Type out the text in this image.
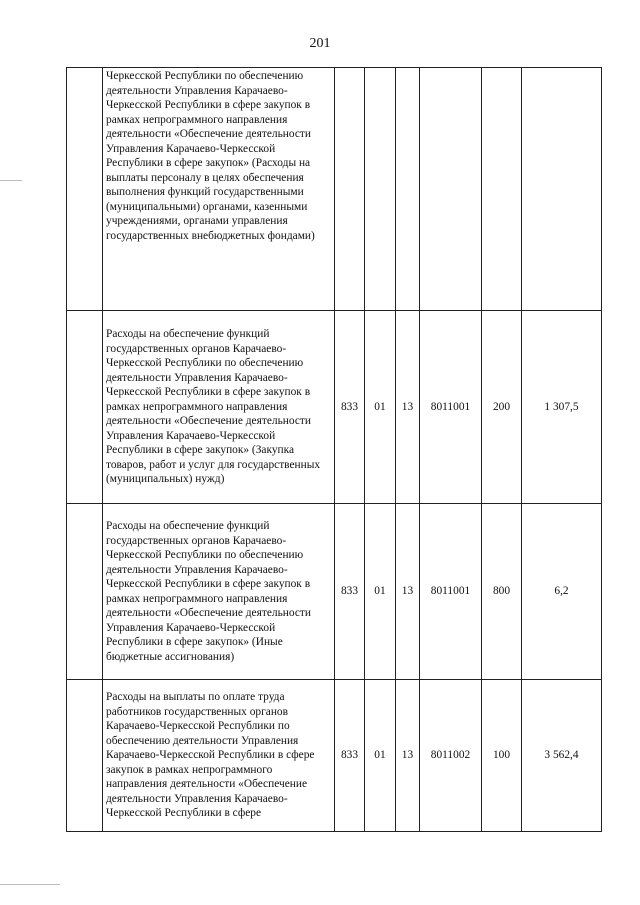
201
	Черкесской Республики по обеспечению деятельности Управления Карачаево-Черкесской Республики в сфере закупок в рамках непрограммного направления деятельности «Обеспечение деятельности Управления Карачаево-Черкесской Республики в сфере закупок» (Расходы на выплаты персоналу в целях обеспечения выполнения функций государственными (муниципальными) органами, казенными учреждениями, органами управления государственных внебюджетных фондами)						
	Расходы на обеспечение функций государственных органов Карачаево-Черкесской Республики по обеспечению деятельности Управления Карачаево-Черкесской Республики в сфере закупок в рамках непрограммного направления деятельности «Обеспечение деятельности Управления Карачаево-Черкесской Республики в сфере закупок» (Закупка товаров, работ и услуг для государственных (муниципальных) нужд)	833	01	13	8011001	200	1 307,5
	Расходы на обеспечение функций государственных органов Карачаево-Черкесской Республики по обеспечению деятельности Управления Карачаево-Черкесской Республики в сфере закупок в рамках непрограммного направления деятельности «Обеспечение деятельности Управления Карачаево-Черкесской Республики в сфере закупок» (Иные бюджетные ассигнования)	833	01	13	8011001	800	6,2
	Расходы на выплаты по оплате труда работников государственных органов Карачаево-Черкесской Республики по обеспечению деятельности Управления Карачаево-Черкесской Республики в сфере закупок в рамках непрограммного направления деятельности «Обеспечение деятельности Управления Карачаево-Черкесской Республики в сфере	833	01	13	8011002	100	3 562,4
